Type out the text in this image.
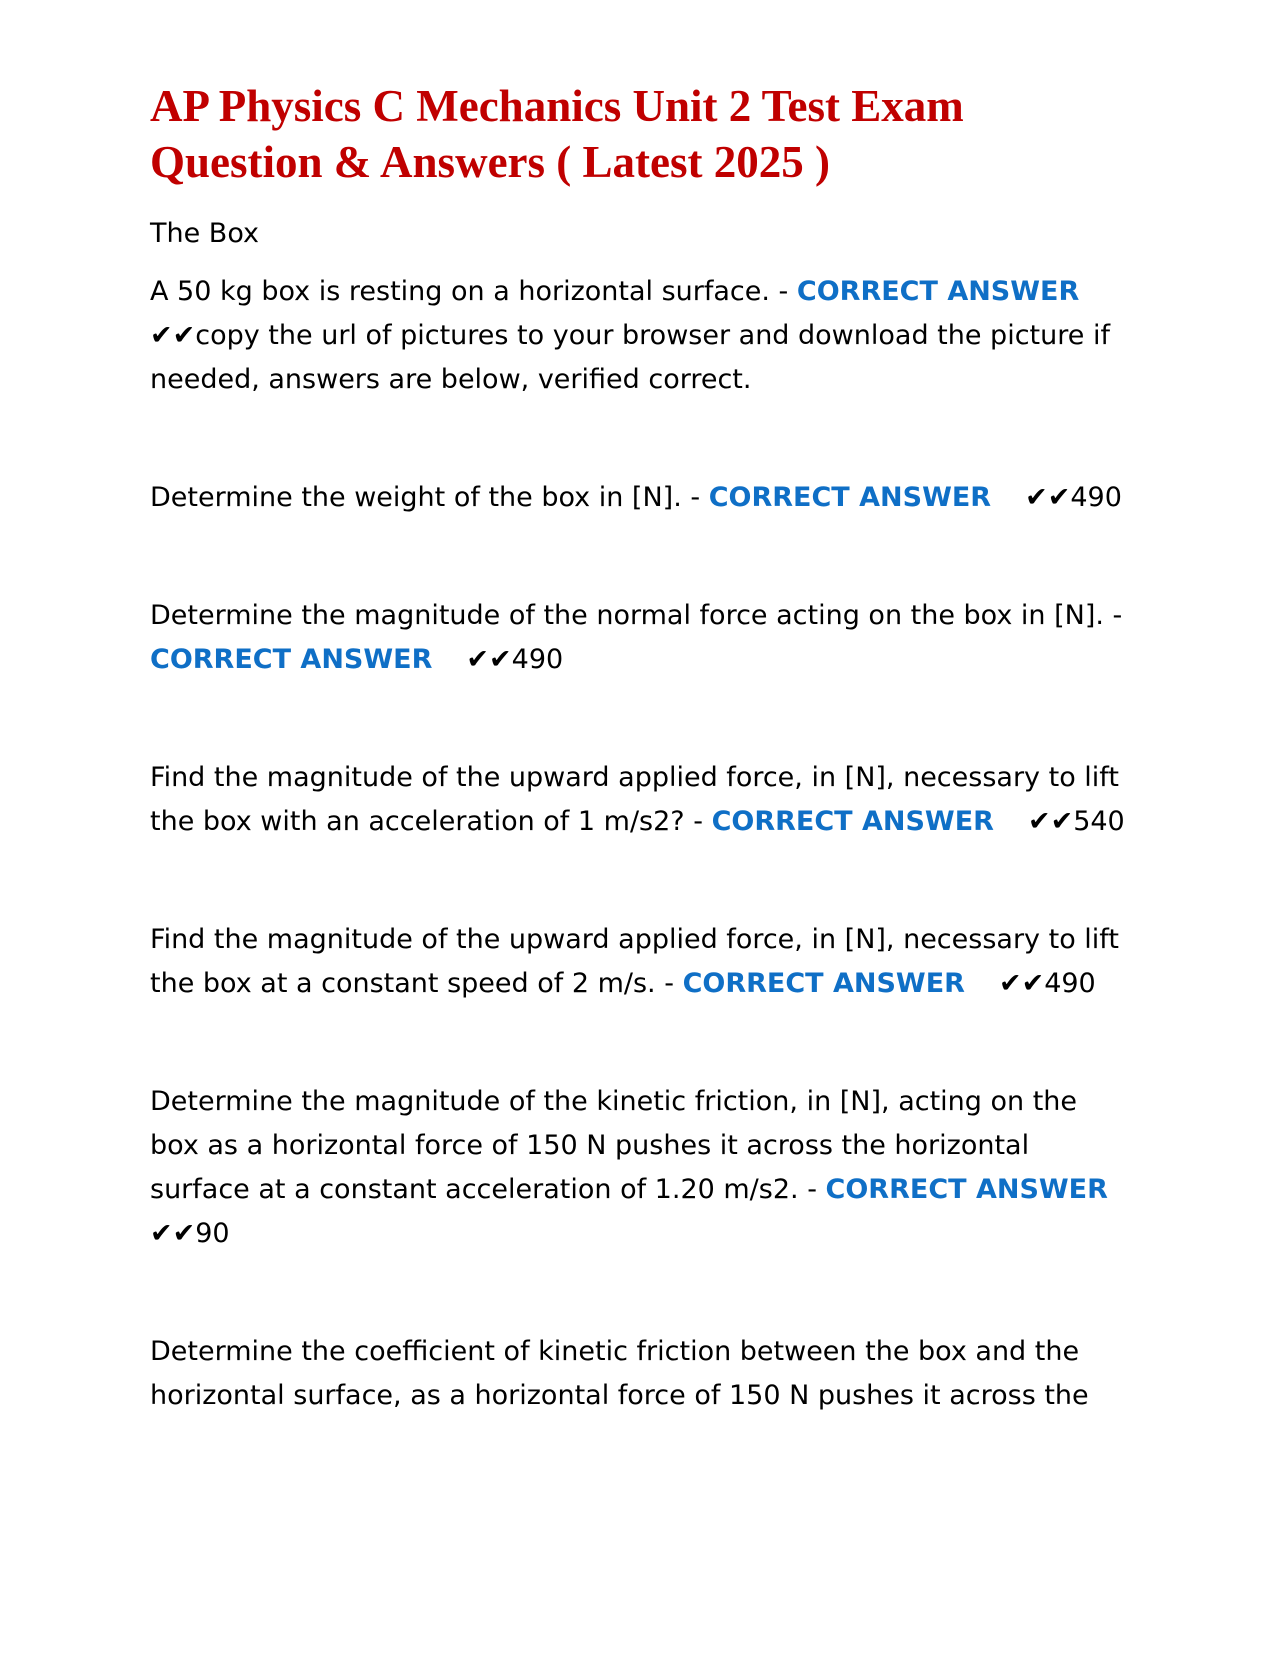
AP Physics C Mechanics Unit 2 Test Exam Question & Answers ( Latest 2025 )
The Box

A 50 kg box is resting on a horizontal surface. - CORRECT ANSWER ✔✔copy the url of pictures to your browser and download the picture if needed, answers are below, verified correct.

Determine the weight of the box in [N]. - CORRECT ANSWER ✔✔490

Determine the magnitude of the normal force acting on the box in [N]. - CORRECT ANSWER ✔✔490

Find the magnitude of the upward applied force, in [N], necessary to lift the box with an acceleration of 1 m/s2? - CORRECT ANSWER ✔✔540

Find the magnitude of the upward applied force, in [N], necessary to lift the box at a constant speed of 2 m/s. - CORRECT ANSWER ✔✔490

Determine the magnitude of the kinetic friction, in [N], acting on the box as a horizontal force of 150 N pushes it across the horizontal surface at a constant acceleration of 1.20 m/s2. - CORRECT ANSWER ✔✔90

Determine the coefficient of kinetic friction between the box and the horizontal surface, as a horizontal force of 150 N pushes it across the
